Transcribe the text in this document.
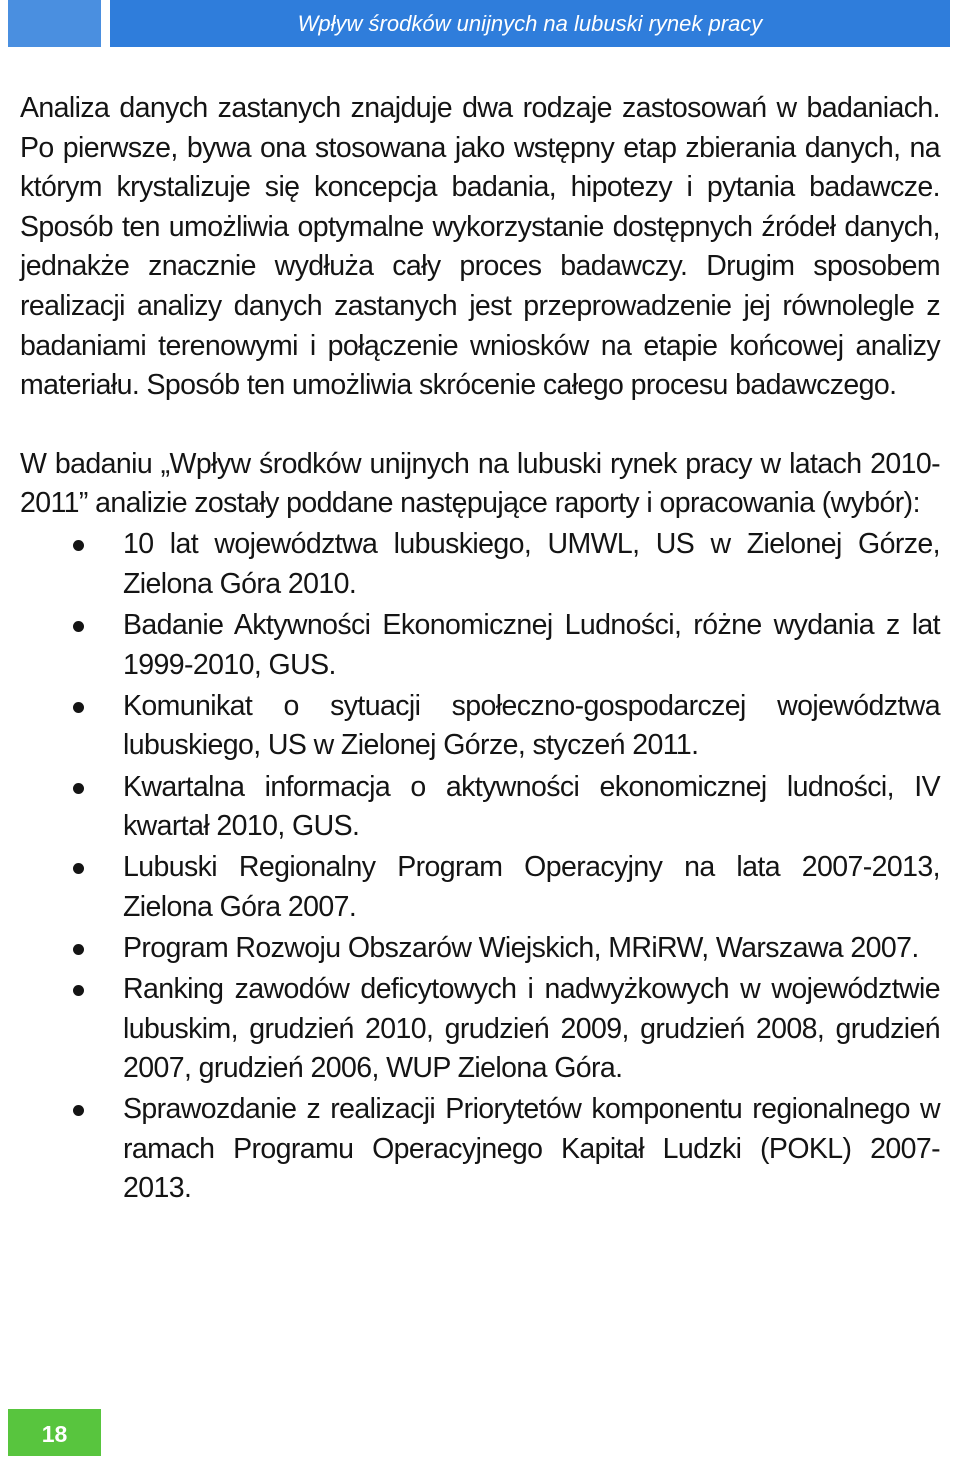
Wpływ środków unijnych na lubuski rynek pracy

Analiza danych zastanych znajduje dwa rodzaje zastosowań w badaniach. Po pierwsze, bywa ona stosowana jako wstępny etap zbierania danych, na którym krystalizuje się koncepcja badania, hipotezy i pytania badawcze. Sposób ten umożliwia optymalne wykorzystanie dostępnych źródeł danych, jednakże znacznie wydłuża cały proces badawczy. Drugim sposobem realizacji analizy danych zastanych jest przeprowadzenie jej równolegle z badaniami terenowymi i połączenie wniosków na etapie końcowej analizy materiału. Sposób ten umożliwia skrócenie całego procesu badawczego.

W badaniu „Wpływ środków unijnych na lubuski rynek pracy w latach 2010-2011” analizie zostały poddane następujące raporty i opracowania (wybór):

10 lat województwa lubuskiego, UMWL, US w Zielonej Górze, Zielona Góra 2010.
Badanie Aktywności Ekonomicznej Ludności, różne wydania z lat 1999-2010, GUS.
Komunikat o sytuacji społeczno-gospodarczej województwa lubuskiego, US w Zielonej Górze, styczeń 2011.
Kwartalna informacja o aktywności ekonomicznej ludności, IV kwartał 2010, GUS.
Lubuski Regionalny Program Operacyjny na lata 2007-2013, Zielona Góra 2007.
Program Rozwoju Obszarów Wiejskich, MRiRW, Warszawa 2007.
Ranking zawodów deficytowych i nadwyżkowych w województwie lubuskim, grudzień 2010, grudzień 2009, grudzień 2008, grudzień 2007, grudzień 2006, WUP Zielona Góra.
Sprawozdanie z realizacji Priorytetów komponentu regionalnego w ramach Programu Operacyjnego Kapitał Ludzki (POKL) 2007-2013.
18
